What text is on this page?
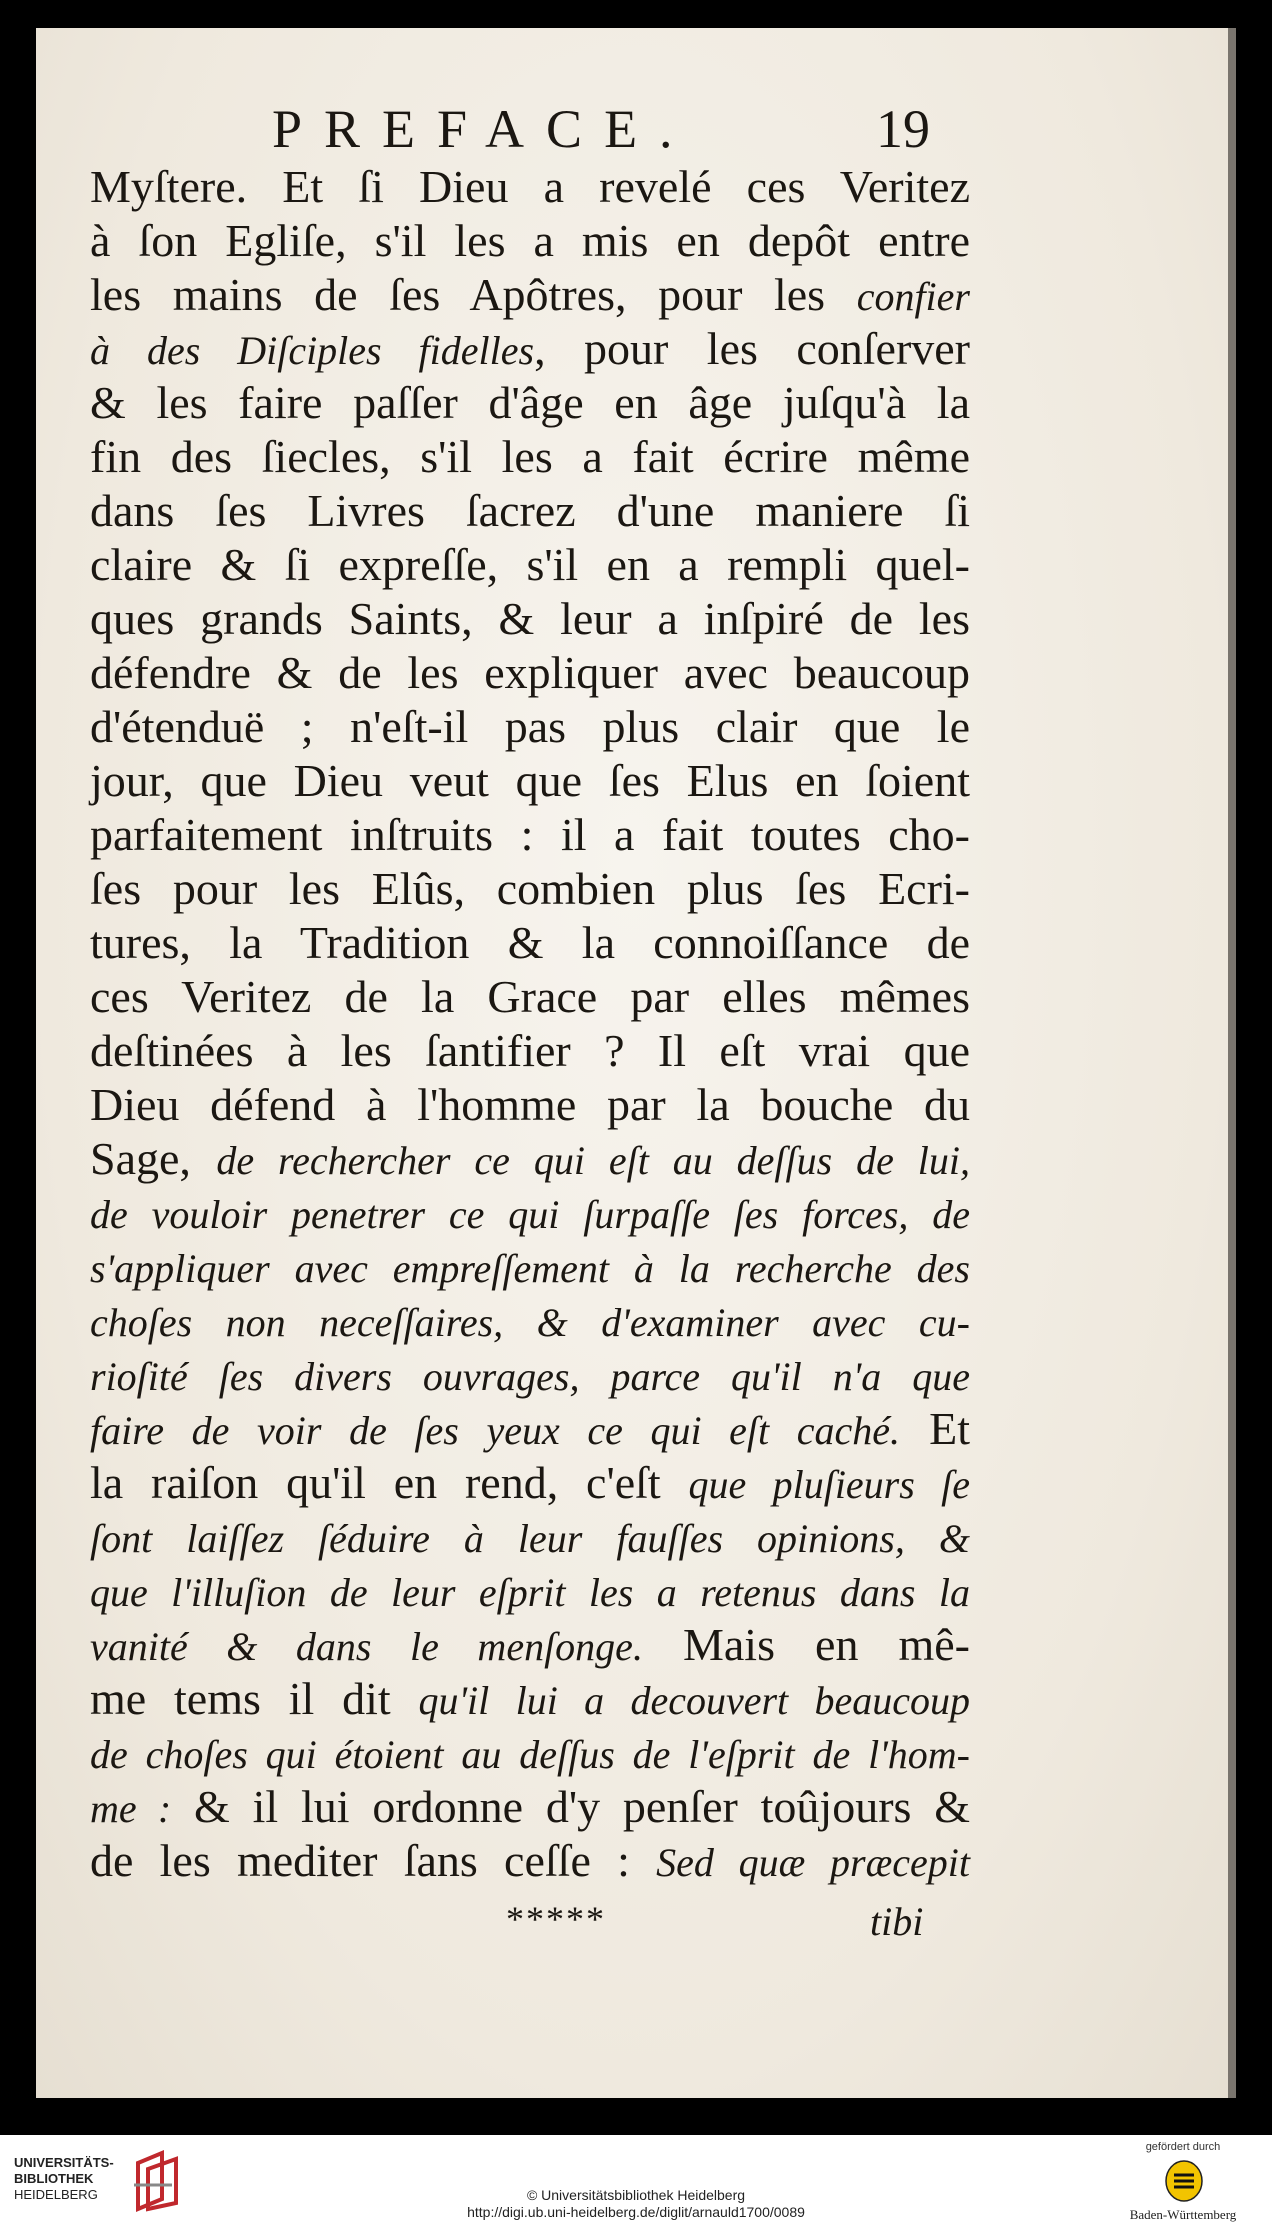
PREFACE.	19
Myſtere. Et ſi Dieu a revelé ces Veritez
à ſon Egliſe, s'il les a mis en depôt entre
les mains de ſes Apôtres, pour les confier
à des Diſciples fidelles, pour les conſerver
& les faire paſſer d'âge en âge juſqu'à la
fin des ſiecles, s'il les a fait écrire même
dans ſes Livres ſacrez d'une maniere ſi
claire & ſi expreſſe, s'il en a rempli quel-
ques grands Saints, & leur a inſpiré de les
défendre & de les expliquer avec beaucoup
d'étenduë ; n'eſt-il pas plus clair que le
jour, que Dieu veut que ſes Elus en ſoient
parfaitement inſtruits : il a fait toutes cho-
ſes pour les Elûs, combien plus ſes Ecri-
tures, la Tradition & la connoiſſance de
ces Veritez de la Grace par elles mêmes
deſtinées à les ſantifier ? Il eſt vrai que
Dieu défend à l'homme par la bouche du
Sage, de rechercher ce qui eſt au deſſus de lui,
de vouloir penetrer ce qui ſurpaſſe ſes forces, de
s'appliquer avec empreſſement à la recherche des
choſes non neceſſaires, & d'examiner avec cu-
rioſité ſes divers ouvrages, parce qu'il n'a que
faire de voir de ſes yeux ce qui eſt caché. Et
la raiſon qu'il en rend, c'eſt que pluſieurs ſe
ſont laiſſez ſéduire à leur fauſſes opinions, &
que l'illuſion de leur eſprit les a retenus dans la
vanité & dans le menſonge. Mais en mê-
me tems il dit qu'il lui a decouvert beaucoup
de choſes qui étoient au deſſus de l'eſprit de l'hom-
me : & il lui ordonne d'y penſer toûjours &
de les mediter ſans ceſſe : Sed quæ præcepit
*****	tibi
UNIVERSITÄTS-
BIBLIOTHEK
HEIDELBERG	© Universitätsbibliothek Heidelberg
http://digi.ub.uni-heidelberg.de/diglit/arnauld1700/0089
gefördert durch
Baden-Württemberg
